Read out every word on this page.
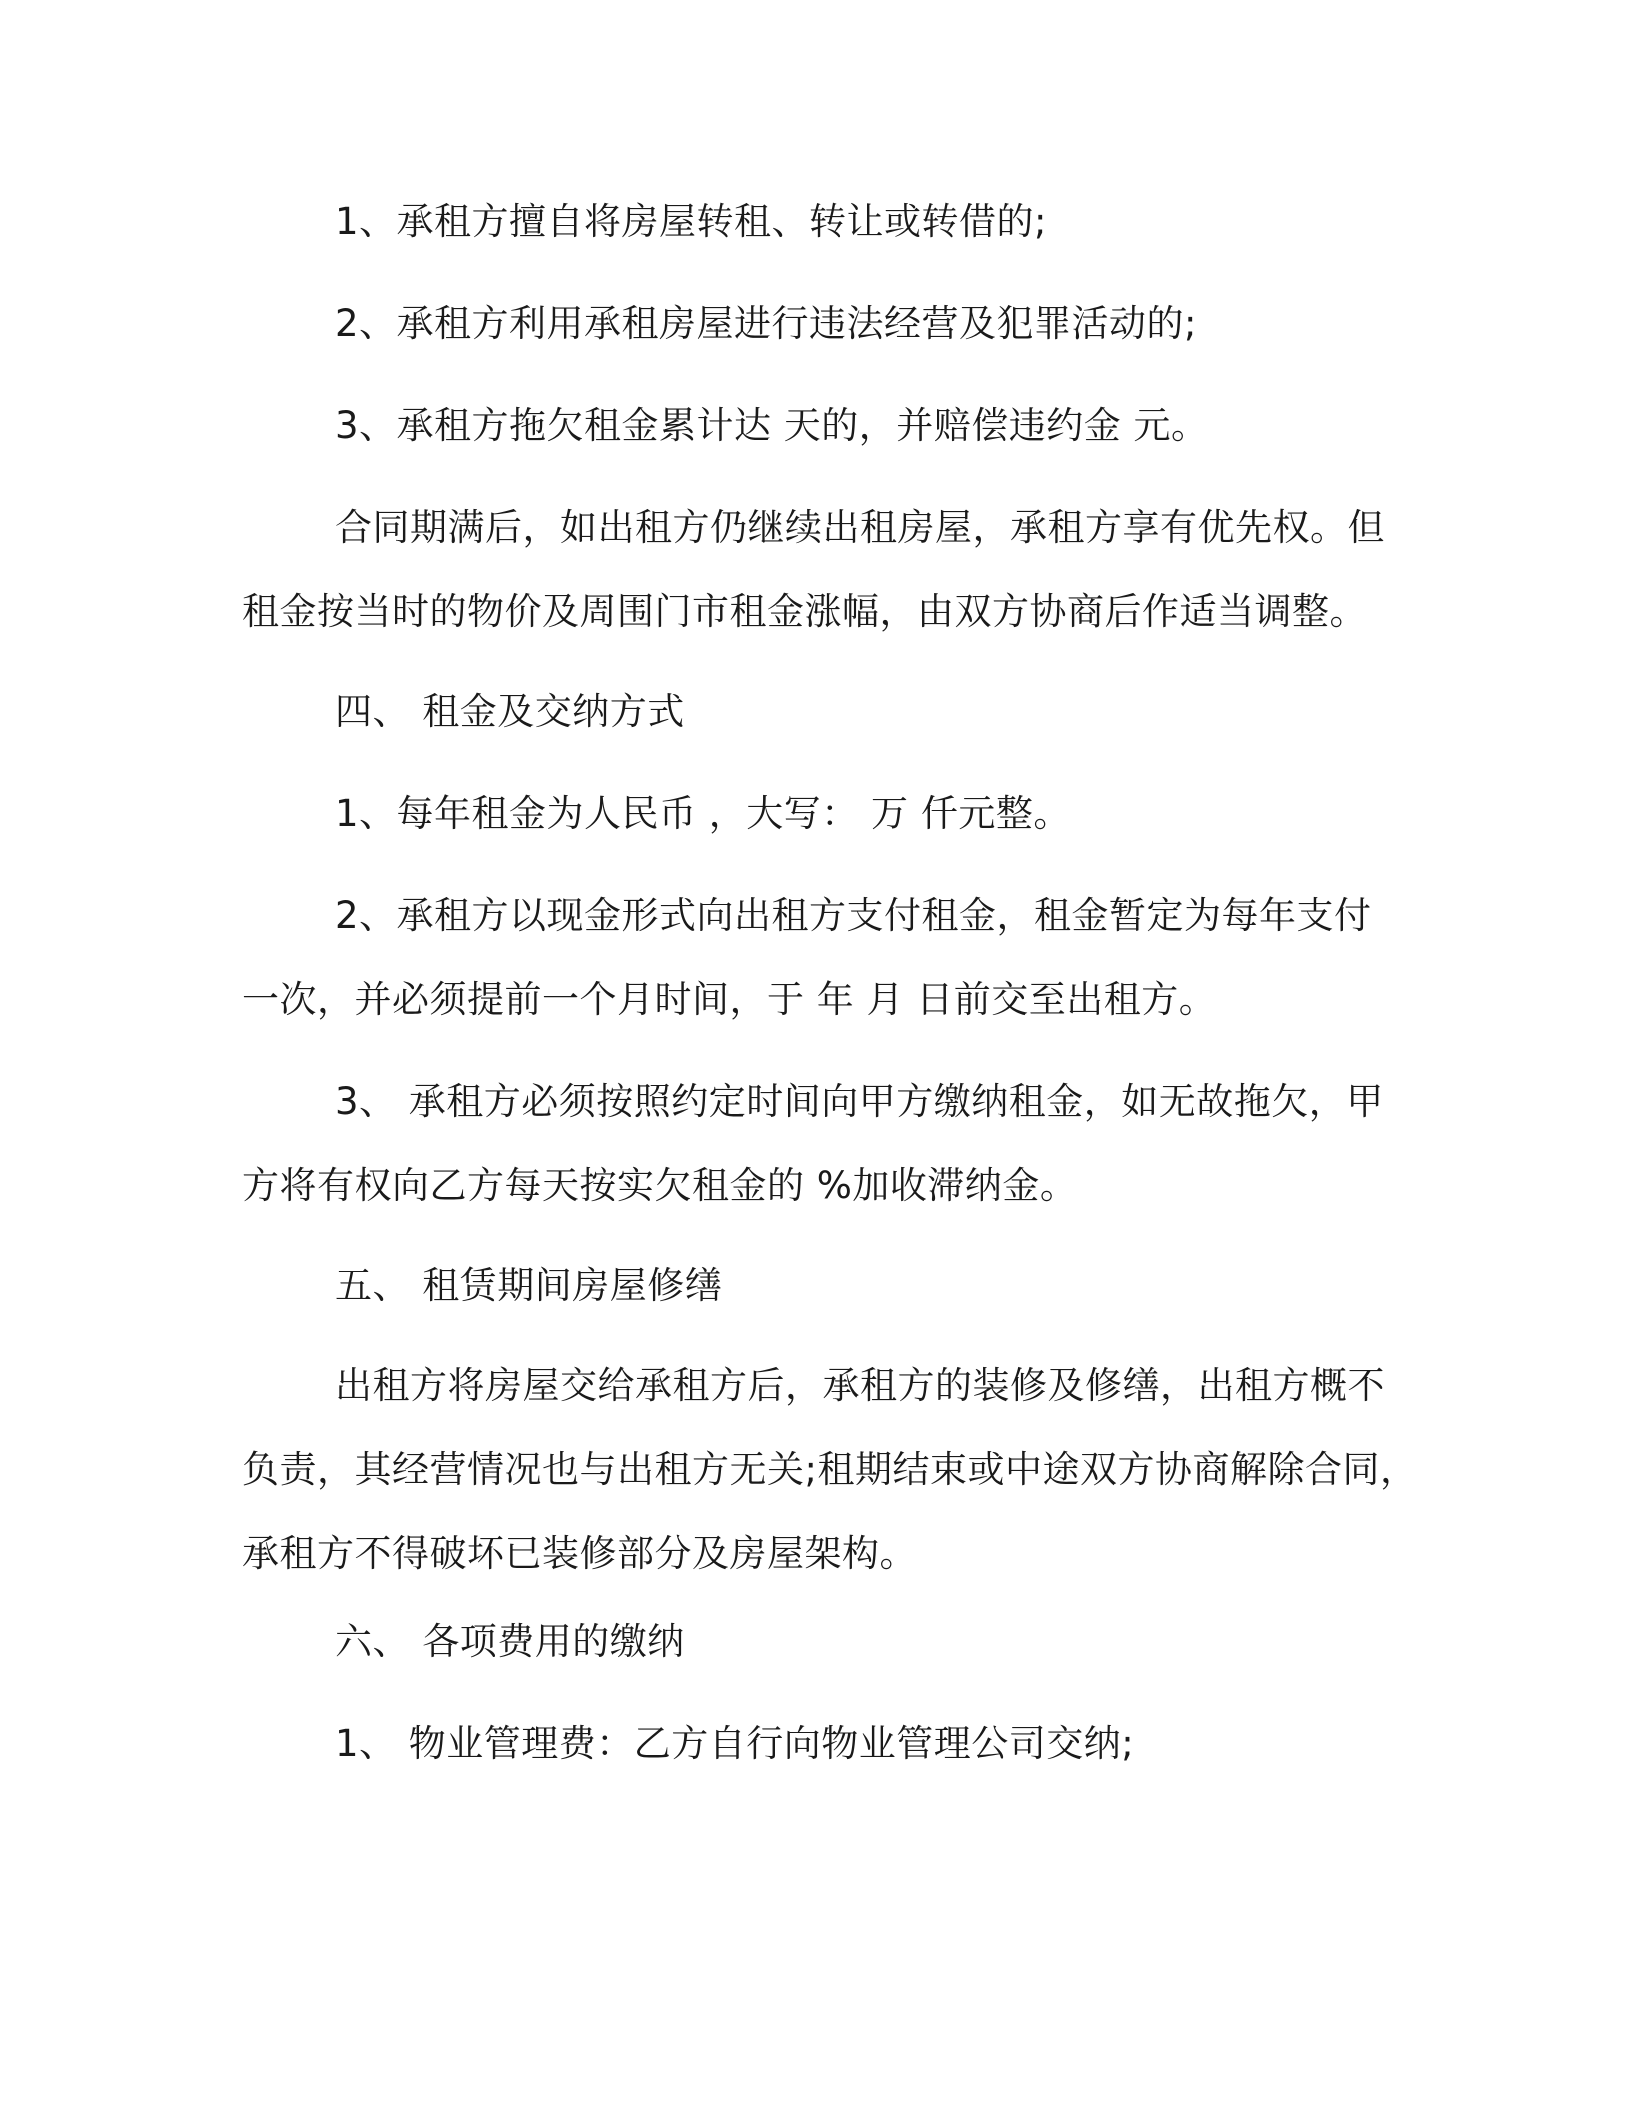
1、承租方擅自将房屋转租、转让或转借的;
2、承租方利用承租房屋进行违法经营及犯罪活动的;
3、承租方拖欠租金累计达 天的，并赔偿违约金 元。
合同期满后，如出租方仍继续出租房屋，承租方享有优先权。但
租金按当时的物价及周围门市租金涨幅，由双方协商后作适当调整。
四、 租金及交纳方式
1、每年租金为人民币 ，大写： 万 仟元整。
2、承租方以现金形式向出租方支付租金，租金暂定为每年支付
一次，并必须提前一个月时间，于 年 月 日前交至出租方。
3、 承租方必须按照约定时间向甲方缴纳租金，如无故拖欠，甲
方将有权向乙方每天按实欠租金的 %加收滞纳金。
五、 租赁期间房屋修缮
出租方将房屋交给承租方后，承租方的装修及修缮，出租方概不
负责，其经营情况也与出租方无关;租期结束或中途双方协商解除合同，
承租方不得破坏已装修部分及房屋架构。
六、 各项费用的缴纳
1、 物业管理费：乙方自行向物业管理公司交纳;
